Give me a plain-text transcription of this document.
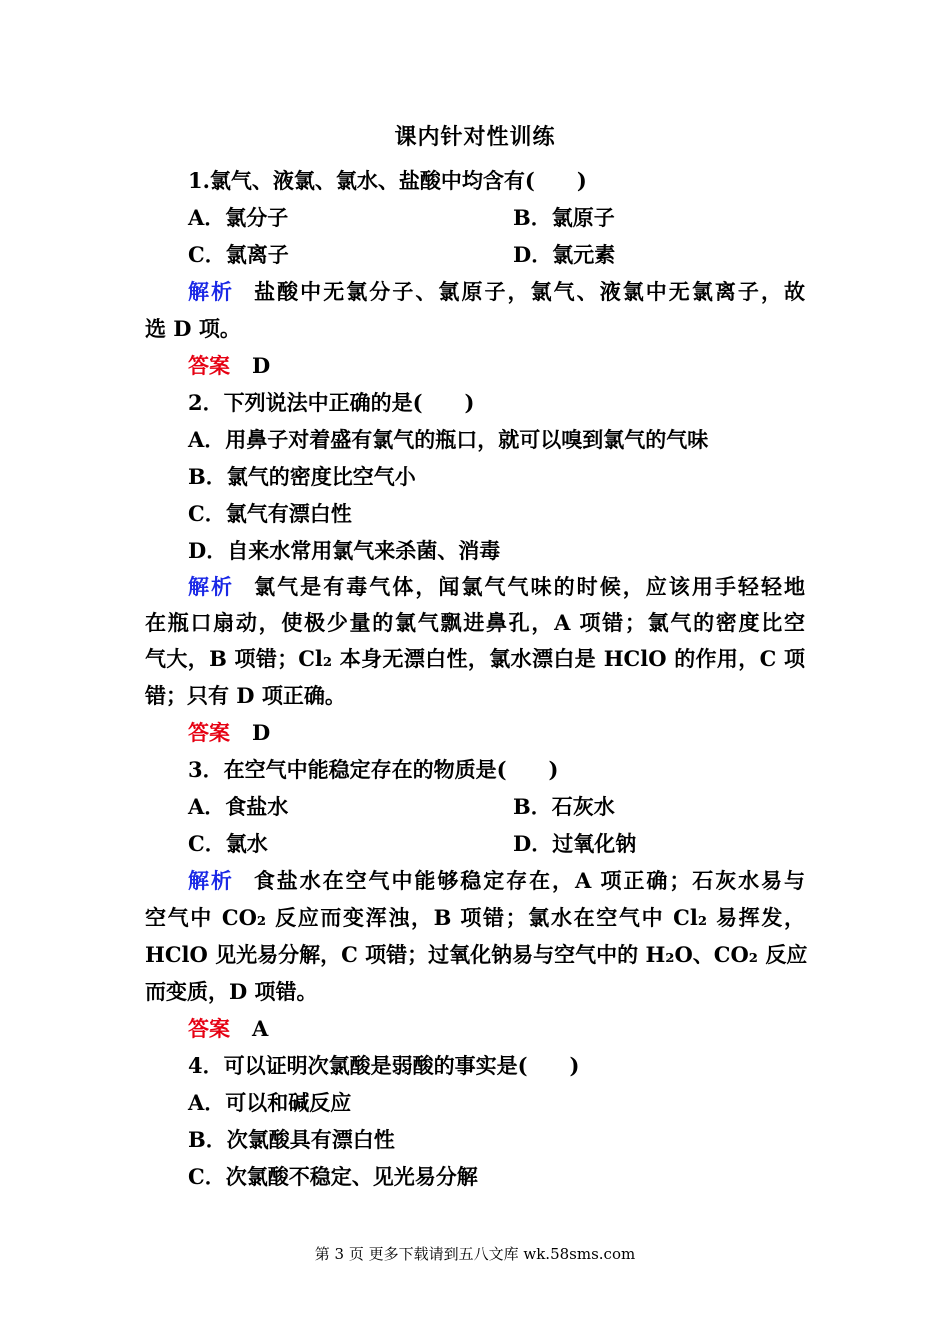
课内针对性训练
1.氯气、液氯、氯水、盐酸中均含有(　　)
A．氯分子	B．氯原子
C．氯离子	D．氯元素
解析 盐酸中无氯分子、氯原子，氯气、液氯中无氯离子，故
选 D 项。
答案 D
2．下列说法中正确的是(　　)
A．用鼻子对着盛有氯气的瓶口，就可以嗅到氯气的气味
B．氯气的密度比空气小
C．氯气有漂白性
D．自来水常用氯气来杀菌、消毒
解析 氯气是有毒气体，闻氯气气味的时候，应该用手轻轻地
在瓶口扇动，使极少量的氯气飘进鼻孔，A 项错；氯气的密度比空
气大，B 项错；Cl₂ 本身无漂白性，氯水漂白是 HClO 的作用，C 项
错；只有 D 项正确。
答案 D
3．在空气中能稳定存在的物质是(　　)
A．食盐水	B．石灰水
C．氯水	D．过氧化钠
解析 食盐水在空气中能够稳定存在，A 项正确；石灰水易与
空气中 CO₂ 反应而变浑浊，B 项错；氯水在空气中 Cl₂ 易挥发，
HClO 见光易分解，C 项错；过氧化钠易与空气中的 H₂O、CO₂ 反应
而变质，D 项错。
答案 A
4．可以证明次氯酸是弱酸的事实是(　　)
A．可以和碱反应
B．次氯酸具有漂白性
C．次氯酸不稳定、见光易分解
第 3 页 更多下载请到五八文库 wk.58sms.com
